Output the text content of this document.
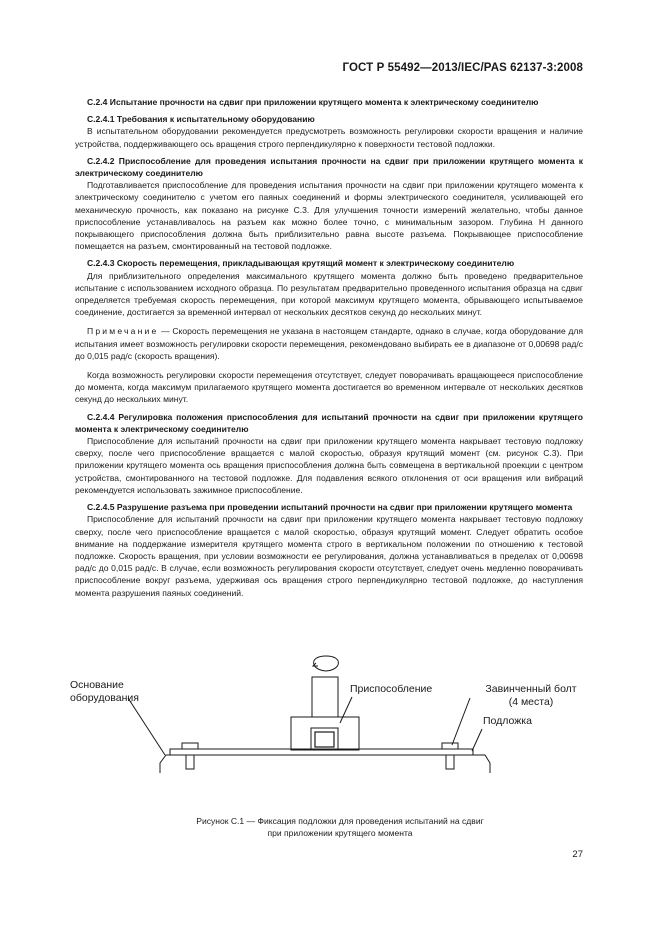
ГОСТ Р 55492—2013/IEC/PAS 62137-3:2008

С.2.4 Испытание прочности на сдвиг при приложении крутящего момента к электрическому соединителю

С.2.4.1 Требования к испытательному оборудованию

В испытательном оборудовании рекомендуется предусмотреть возможность регулировки скорости вращения и наличие устройства, поддерживающего ось вращения строго перпендикулярно к поверхности тестовой подложки.

С.2.4.2 Приспособление для проведения испытания прочности на сдвиг при приложении крутящего момента к электрическому соединителю

Подготавливается приспособление для проведения испытания прочности на сдвиг при приложении крутящего момента к электрическому соединителю с учетом его паяных соединений и формы электрического соединителя, усиливающей его механическую прочность, как показано на рисунке С.3. Для улучшения точности измерений желательно, чтобы данное приспособление устанавливалось на разъем как можно более точно, с минимальным зазором. Глубина H данного покрывающего приспособления должна быть приблизительно равна высоте разъема. Покрывающее приспособление помещается на разъем, смонтированный на тестовой подложке.

С.2.4.3 Скорость перемещения, прикладывающая крутящий момент к электрическому соединителю

Для приблизительного определения максимального крутящего момента должно быть проведено предварительное испытание с использованием исходного образца. По результатам предварительно проведенного испытания образца на сдвиг определяется требуемая скорость перемещения, при которой максимум крутящего момента, обрывающего испытываемое соединение, достигается за временной интервал от нескольких десятков секунд до нескольких минут.

Примечание — Скорость перемещения не указана в настоящем стандарте, однако в случае, когда оборудование для испытания имеет возможность регулировки скорости перемещения, рекомендовано выбирать ее в диапазоне от 0,00698 рад/с до 0,015 рад/с (скорость вращения).

Когда возможность регулировки скорости перемещения отсутствует, следует поворачивать вращающееся приспособление до момента, когда максимум прилагаемого крутящего момента достигается во временном интервале от нескольких десятков секунд до нескольких минут.

С.2.4.4 Регулировка положения приспособления для испытаний прочности на сдвиг при приложении крутящего момента к электрическому соединителю

Приспособление для испытаний прочности на сдвиг при приложении крутящего момента накрывает тестовую подложку сверху, после чего приспособление вращается с малой скоростью, образуя крутящий момент (см. рисунок С.3). При приложении крутящего момента ось вращения приспособления должна быть совмещена в вертикальной проекции с центром устройства, смонтированного на тестовой подложке. Для подавления всякого отклонения от оси вращения или вибраций рекомендуется использовать зажимное приспособление.

С.2.4.5 Разрушение разъема при проведении испытаний прочности на сдвиг при приложении крутящего момента

Приспособление для испытаний прочности на сдвиг при приложении крутящего момента накрывает тестовую подложку сверху, после чего приспособление вращается с малой скоростью, образуя крутящий момент. Следует обратить особое внимание на поддержание измерителя крутящего момента строго в вертикальном положении по отношению к тестовой подложке. Скорость вращения, при условии возможности ее регулирования, должна устанавливаться в пределах от 0,00698 рад/с до 0,015 рад/с. В случае, если возможность регулирования скорости отсутствует, следует очень медленно поворачивать приспособление вокруг разъема, удерживая ось вращения строго перпендикулярно тестовой подложке, до наступления момента разрушения паяных соединений.

Основание
оборудования
Приспособление	Завинченный болт
(4 места)
Подложка
Рисунок С.1 — Фиксация подложки для проведения испытаний на сдвиг
при приложении крутящего момента
27
